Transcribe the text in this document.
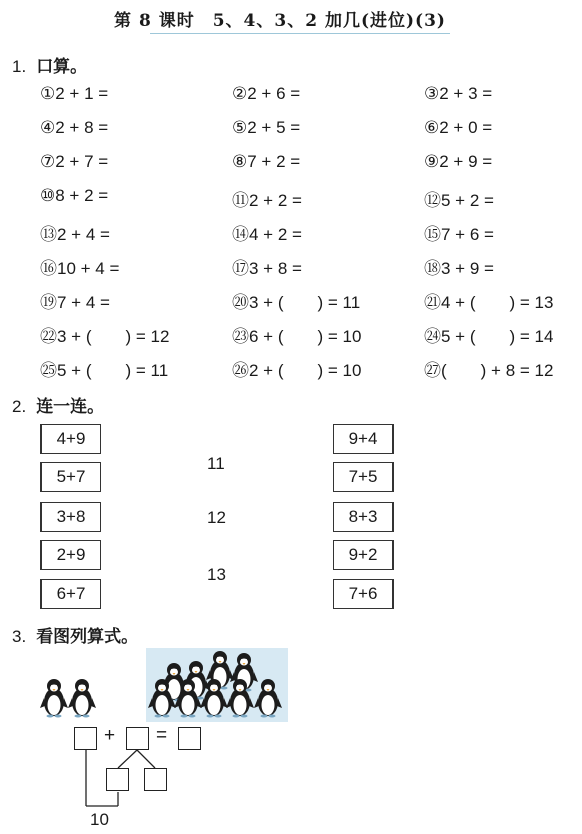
第 8 课时　5、4、3、2 加几(进位)(3)
1. 口算。
①2 + 1 =	②2 + 6 =	③2 + 3 =
④2 + 8 =	⑤2 + 5 =	⑥2 + 0 =
⑦2 + 7 =	⑧7 + 2 =	⑨2 + 9 =
⑩8 + 2 =	⑪2 + 2 =	⑫5 + 2 =
⑬2 + 4 =	⑭4 + 2 =	⑮7 + 6 =
⑯10 + 4 =	⑰3 + 8 =	⑱3 + 9 =
⑲7 + 4 =	⑳3 + (　　) = 11	㉑4 + (　　) = 13
㉒3 + (　　) = 12	㉓6 + (　　) = 10	㉔5 + (　　) = 14
㉕5 + (　　) = 11	㉖2 + (　　) = 10	㉗(　　) + 8 = 12
2. 连一连。
4+9
5+7
3+8
2+9
6+7
11
12
13
9+4
7+5
8+3
9+2
7+6
3. 看图列算式。
+ =
10
